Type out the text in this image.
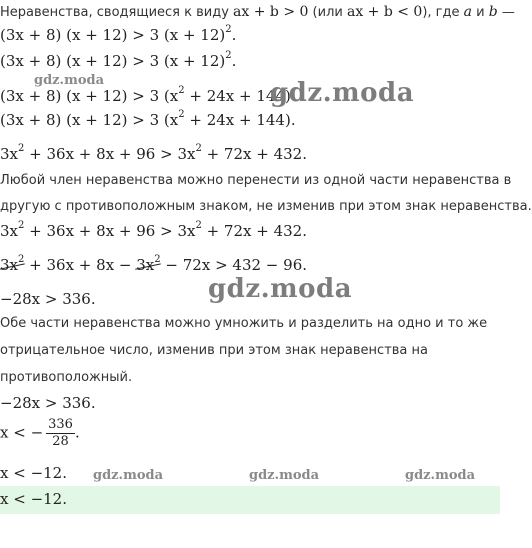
Неравенства, сводящиеся к виду ax + b > 0 (или ax + b < 0), где a и b —
(3x + 8) (x + 12) > 3 $(x + 12)^2$.
(3x + 8) (x + 12) > 3 $(x + 12)^2$.
(3x + 8) (x + 12) > 3 $(x^2 + 24x + 144)$
(3x + 8) (x + 12) > 3 $(x^2 + 24x + 144)$.
$3x^2 + 36x + 8x + 96 > 3x^2 + 72x + 432$.
Любой член неравенства можно перенести из одной части неравенства в
другую с противоположным знаком, не изменив при этом знак неравенства.
$3x^2 + 36x + 8x + 96 > 3x^2 + 72x + 432$.
$3x^2 + 36x + 8x - 3x^2 - 72x > 432 - 96$.
−28x > 336.
Обе части неравенства можно умножить и разделить на одно и то же
отрицательное число, изменив при этом знак неравенства на
противоположный.
−28x > 336.
x < − $\frac{336}{28}$ .
x < −12.
x < −12.
gdz.moda	gdz.moda
gdz.moda
gdz.moda	gdz.moda	gdz.moda
